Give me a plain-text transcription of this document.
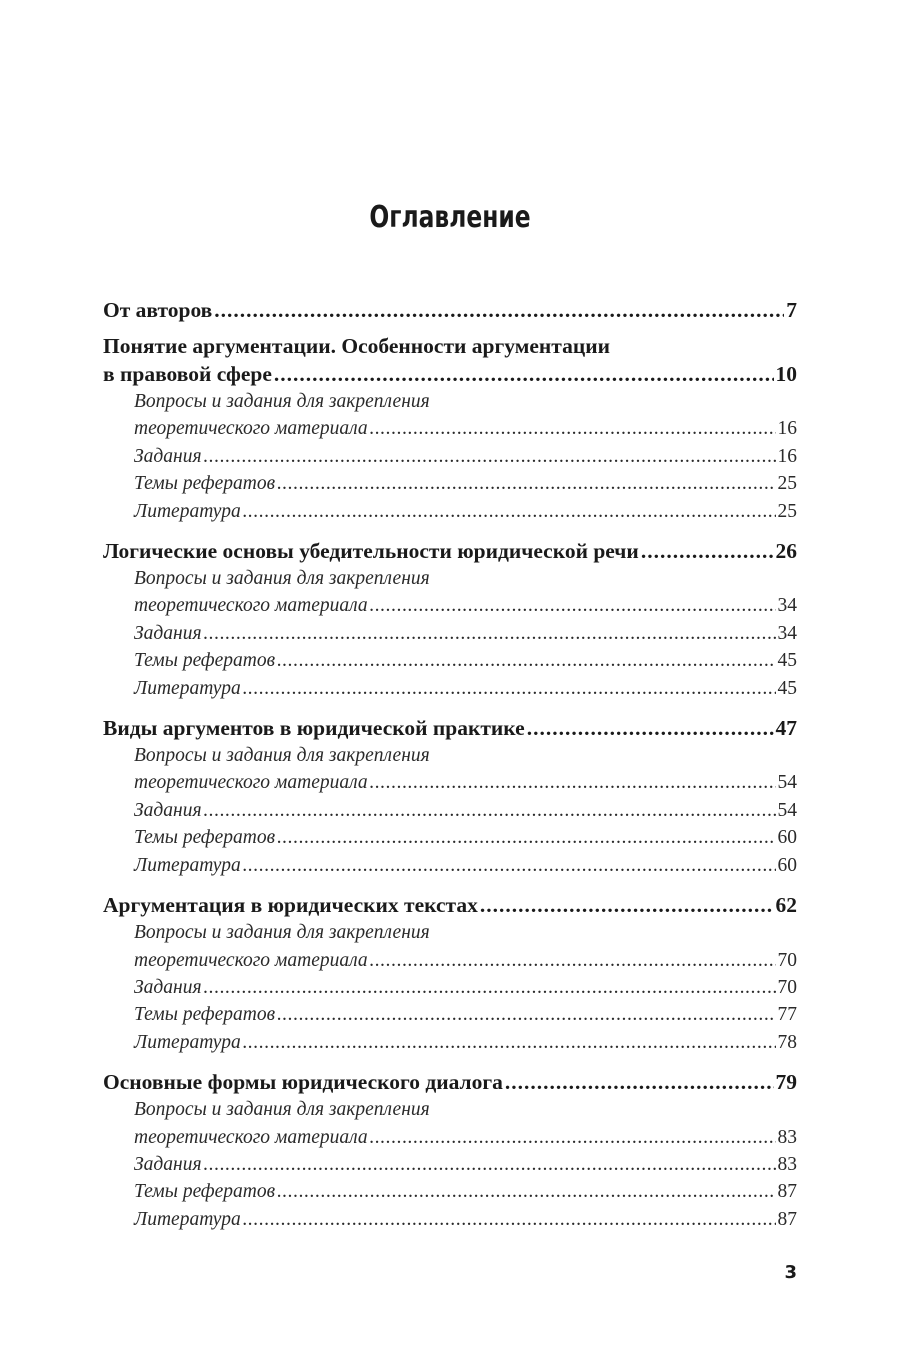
Оглавление
От авторов .....	7
Понятие аргументации. Особенности аргументации
в правовой сфере .....	10
Вопросы и задания для закрепления
теоретического материала .....	16
Задания .....	16
Темы рефератов .....	25
Литература .....	25
Логические основы убедительности юридической речи .....	26
Вопросы и задания для закрепления
теоретического материала .....	34
Задания .....	34
Темы рефератов .....	45
Литература .....	45
Виды аргументов в юридической практике .....	47
Вопросы и задания для закрепления
теоретического материала .....	54
Задания .....	54
Темы рефератов .....	60
Литература .....	60
Аргументация в юридических текстах .....	62
Вопросы и задания для закрепления
теоретического материала .....	70
Задания .....	70
Темы рефератов .....	77
Литература .....	78
Основные формы юридического диалога .....	79
Вопросы и задания для закрепления
теоретического материала .....	83
Задания .....	83
Темы рефератов .....	87
Литература .....	87
3
